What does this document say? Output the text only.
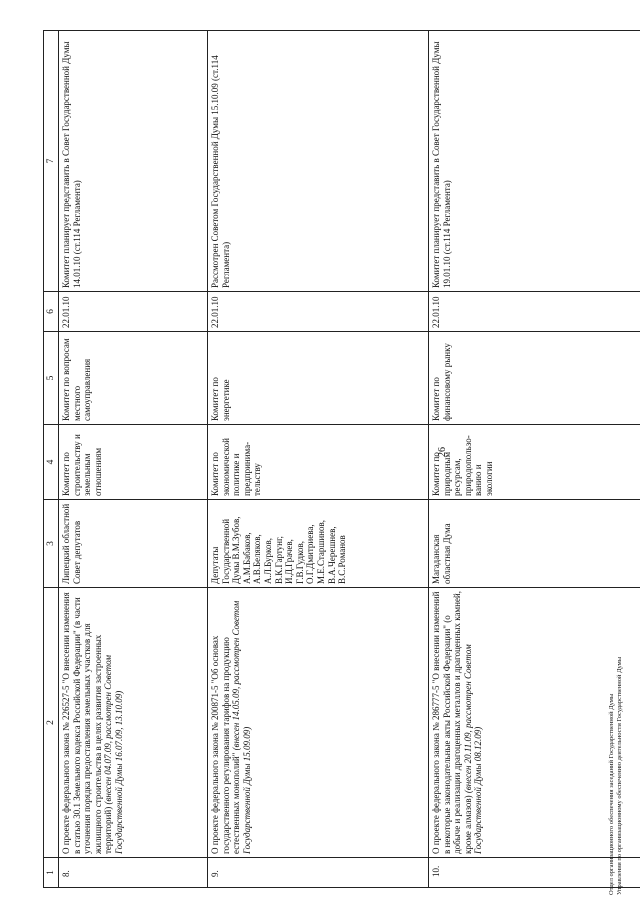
26
1
2
3
4
5
6
7
8.
О проекте федерального закона № 226527-5 "О внесении изменения в статью 30.1 Земельного кодекса Российской Федерации" (в части уточнения порядка предоставления земельных участков для жилищного строительства в целях развития застроенных территорий) (внесен 04.07.09, рассмотрен Советом Государственной Думы 16.07.09, 13.10.09)
Липецкий областной Совет депутатов
Комитет по строительству и земельным отношениям
Комитет по вопросам местного самоуправления
22.01.10
Комитет планирует представить в Совет Государственной Думы 14.01.10 (ст.114 Регламента)
9.
О проекте федерального закона № 200871-5 "Об основах государственного регулирования тарифов на продукцию естественных монополий" (внесен 14.05.09, рассмотрен Советом Государственной Думы 15.09.09)
Депутаты Государственной Думы В.М.Зубов, А.М.Бабаков, А.В.Беляков, А.Л.Бурков, В.К.Гартунг, И.Д.Грачев, Г.В.Гудков, О.Г.Дмитриева, М.Е.Старшинов, В.А.Черешнев, В.С.Романов
Комитет по экономической политике и предпринима-тельству
Комитет по энергетике
22.01.10
Рассмотрен Советом Государственной Думы 15.10.09 (ст.114 Регламента)
10.
О проекте федерального закона № 286777-5 "О внесении изменений в некоторые законодательные акты Российской Федерации" (о добыче и реализации драгоценных металлов и драгоценных камней, кроме алмазов) (внесен 20.11.09, рассмотрен Советом Государственной Думы 08.12.09)
Магаданская областная Дума
Комитет по природным ресурсам, природопользо-ванию и экологии
Комитет по финансовому рынку
22.01.10
Комитет планирует представить в Совет Государственной Думы 19.01.10 (ст.114 Регламента)
Отдел организационного обеспечения заседаний Государственной Думы Управления по организационному обеспечению деятельности Государственной Думы
